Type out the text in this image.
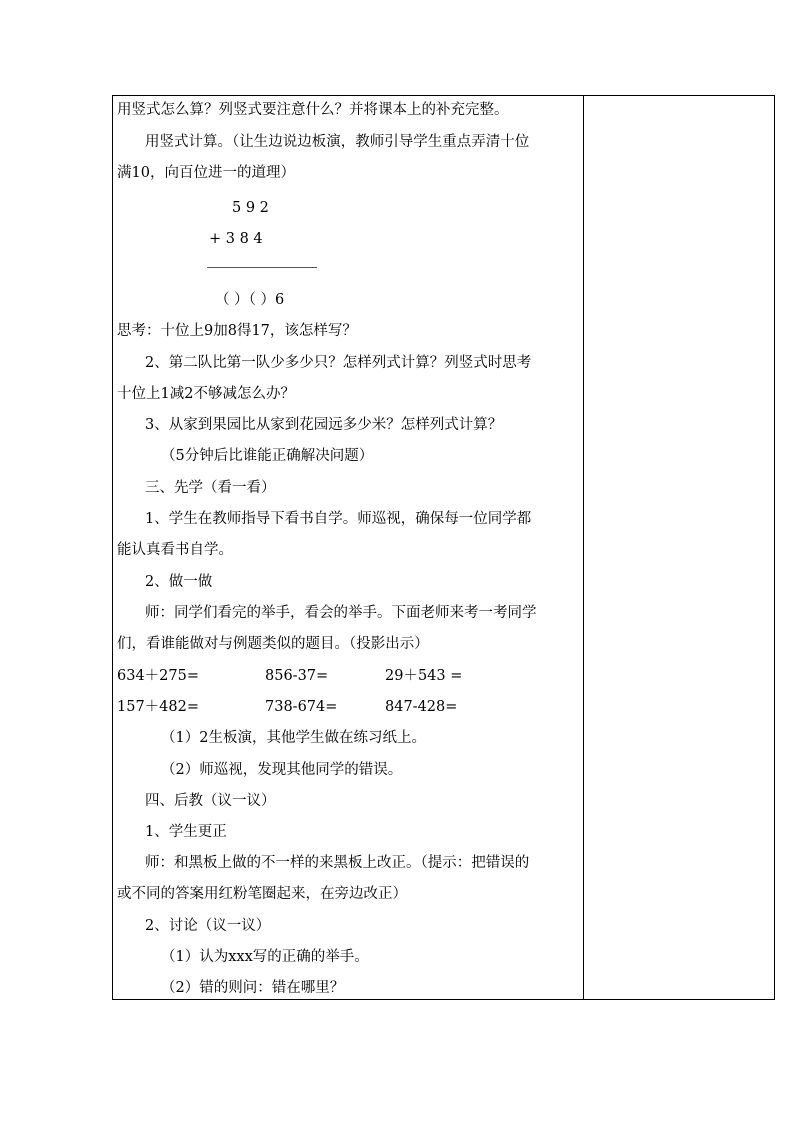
用竖式怎么算？列竖式要注意什么？并将课本上的补充完整。
用竖式计算。（让生边说边板演，教师引导学生重点弄清十位
满10，向百位进一的道理）
5 9 2
+ 3 8 4
（ ）（ ）6
思考：十位上9加8得17，该怎样写？
2、第二队比第一队少多少只？怎样列式计算？列竖式时思考
十位上1减2不够减怎么办？
3、从家到果园比从家到花园远多少米？怎样列式计算？
（5分钟后比谁能正确解决问题）
三、先学（看一看）
1、学生在教师指导下看书自学。师巡视，确保每一位同学都
能认真看书自学。
2、做一做
师：同学们看完的举手，看会的举手。下面老师来考一考同学
们，看谁能做对与例题类似的题目。（投影出示）
634＋275=	856-37=	29＋543 =
157＋482=	738-674=	847-428=
（1）2生板演，其他学生做在练习纸上。
（2）师巡视，发现其他同学的错误。
四、后教（议一议）
1、学生更正
师：和黑板上做的不一样的来黑板上改正。（提示：把错误的
或不同的答案用红粉笔圈起来，在旁边改正）
2、讨论（议一议）
（1）认为xxx写的正确的举手。
（2）错的则问：错在哪里？
